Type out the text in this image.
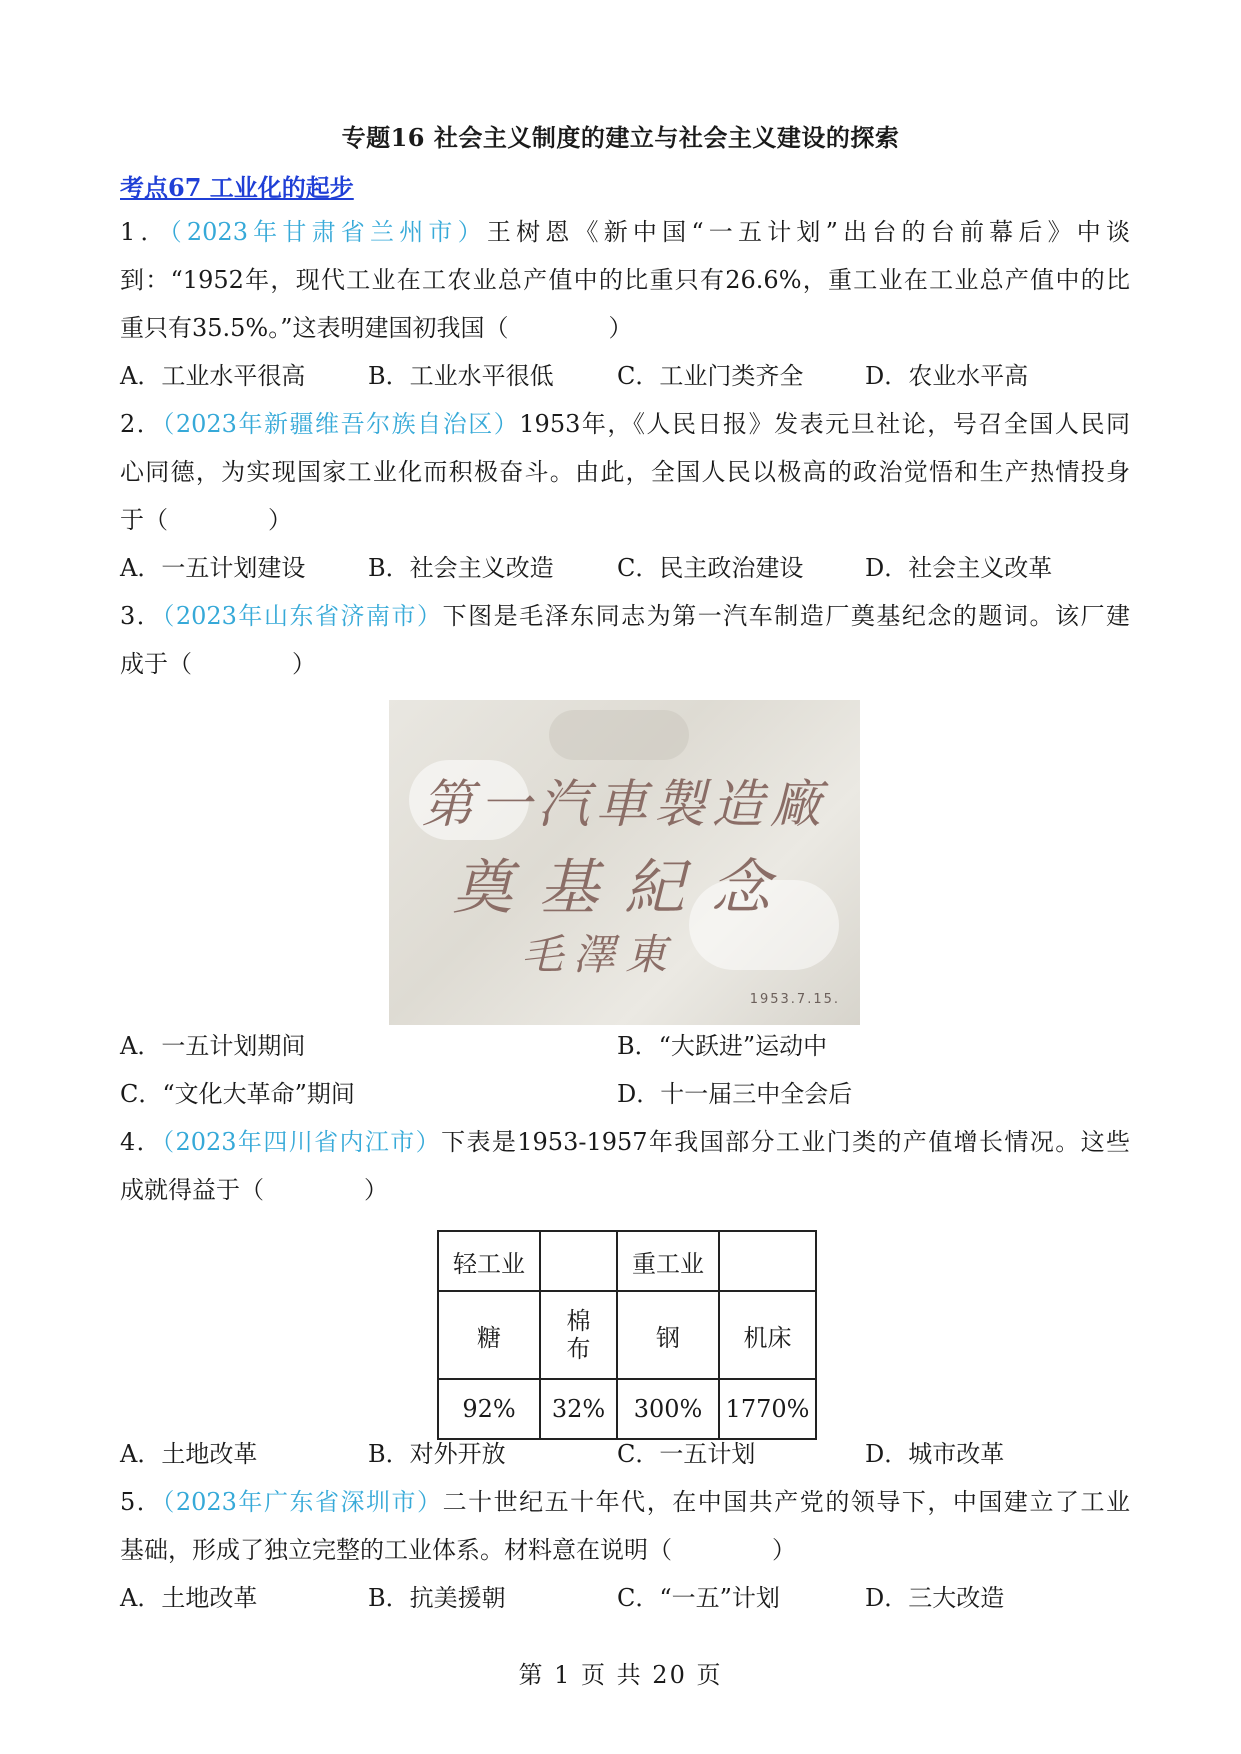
专题16 社会主义制度的建立与社会主义建设的探索
考点67 工业化的起步
1．（2023年甘肃省兰州市）王树恩《新中国“一五计划”出台的台前幕后》中谈
到：“1952年，现代工业在工农业总产值中的比重只有26.6%，重工业在工业总产值中的比
重只有35.5%。”这表明建国初我国（	）
A．工业水平很高	B．工业水平很低	C．工业门类齐全	D．农业水平高
2．（2023年新疆维吾尔族自治区）1953年，《人民日报》发表元旦社论，号召全国人民同
心同德，为实现国家工业化而积极奋斗。由此，全国人民以极高的政治觉悟和生产热情投身
于（	）
A．一五计划建设	B．社会主义改造	C．民主政治建设	D．社会主义改革
3．（2023年山东省济南市）下图是毛泽东同志为第一汽车制造厂奠基纪念的题词。该厂建
成于（	）
第一汽車製造廠
奠基紀念
毛澤東
1953.7.15.
A．一五计划期间	B．“大跃进”运动中
C．“文化大革命”期间	D．十一届三中全会后
4．（2023年四川省内江市）下表是1953-1957年我国部分工业门类的产值增长情况。这些
成就得益于（	）
轻工业		重工业	
糖	棉布	钢	机床
92%	32%	300%	1770%
A．土地改革	B．对外开放	C．一五计划	D．城市改革
5．（2023年广东省深圳市）二十世纪五十年代，在中国共产党的领导下，中国建立了工业
基础，形成了独立完整的工业体系。材料意在说明（	）
A．土地改革	B．抗美援朝	C．“一五”计划	D．三大改造
第 1 页 共 20 页
